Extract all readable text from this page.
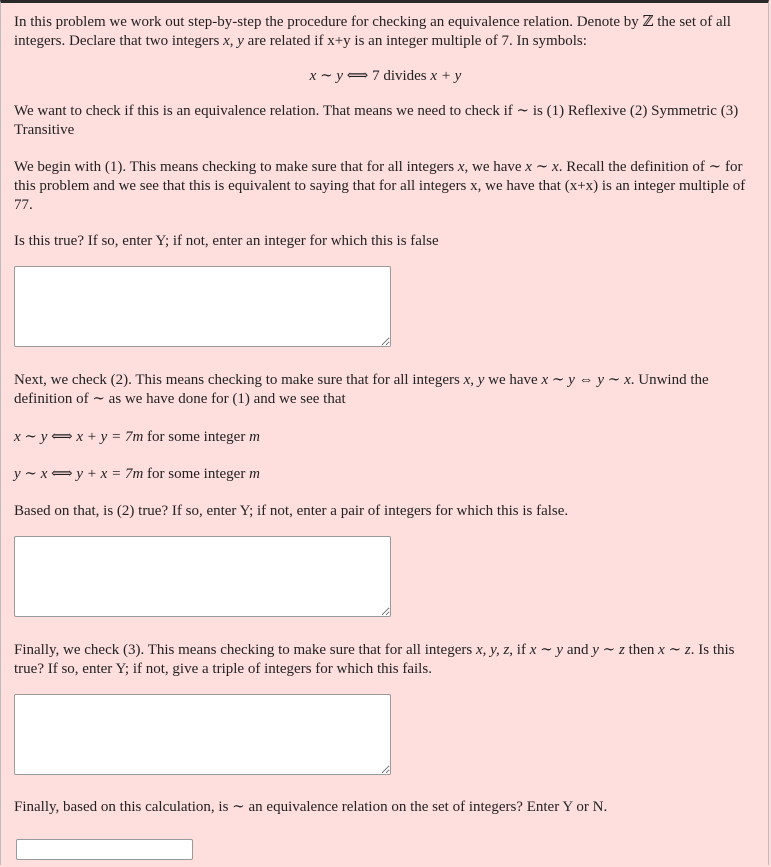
In this problem we work out step-by-step the procedure for checking an equivalence relation. Denote by ℤ the set of all integers. Declare that two integers x, y are related if x+y is an integer multiple of 7. In symbols:

x ∼ y ⟺ 7 divides x + y

We want to check if this is an equivalence relation. That means we need to check if ∼ is (1) Reflexive (2) Symmetric (3) Transitive

We begin with (1). This means checking to make sure that for all integers x, we have x ∼ x. Recall the definition of ∼ for this problem and we see that this is equivalent to saying that for all integers x, we have that (x+x) is an integer multiple of 77.

Is this true? If so, enter Y; if not, enter an integer for which this is false

Next, we check (2). This means checking to make sure that for all integers x, y we have x ∼ y ⇔ y ∼ x. Unwind the definition of ∼ as we have done for (1) and we see that

x ∼ y ⟺ x + y = 7m for some integer m

y ∼ x ⟺ y + x = 7m for some integer m

Based on that, is (2) true? If so, enter Y; if not, enter a pair of integers for which this is false.

Finally, we check (3). This means checking to make sure that for all integers x, y, z, if x ∼ y and y ∼ z then x ∼ z. Is this true? If so, enter Y; if not, give a triple of integers for which this fails.

Finally, based on this calculation, is ∼ an equivalence relation on the set of integers? Enter Y or N.
